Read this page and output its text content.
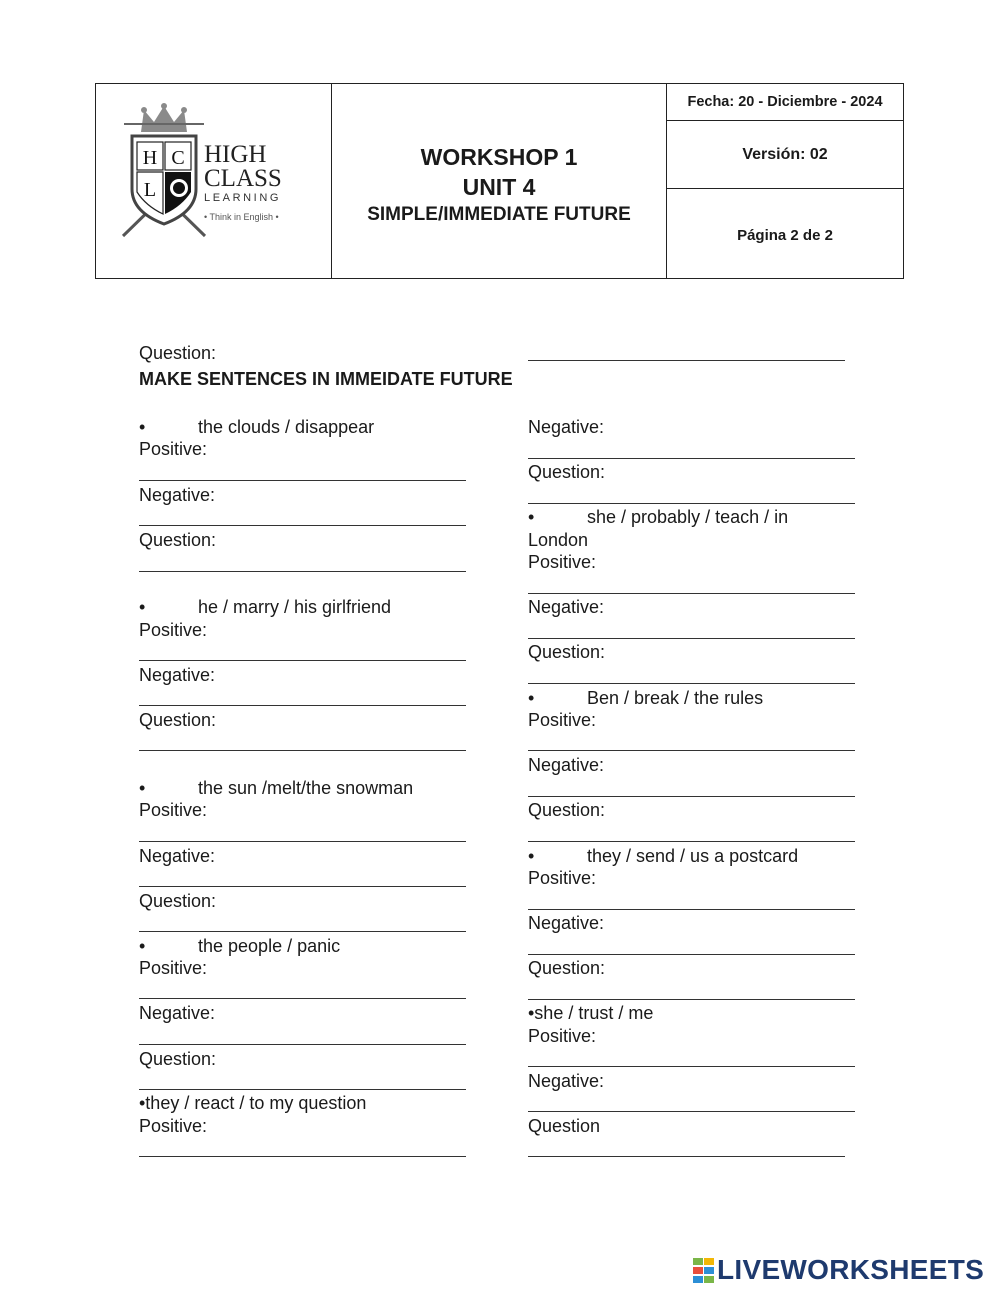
H C
L
HIGH
CLASS
LEARNING
• Think in English •
WORKSHOP 1
UNIT 4
SIMPLE/IMMEDIATE FUTURE
Fecha: 20 - Diciembre - 2024
Versión: 02
Página 2 de 2
Question:
MAKE SENTENCES IN IMMEIDATE FUTURE
•	the clouds / disappear
Positive:
Negative:
Question:
•	he / marry / his girlfriend
Positive:
Negative:
Question:
•	the sun /melt/the snowman
Positive:
Negative:
Question:
•	the people / panic
Positive:
Negative:
Question:
•they / react / to my question
Positive:
Negative:
Question:
•	she / probably / teach / in
London
Positive:
Negative:
Question:
•	Ben / break / the rules
Positive:
Negative:
Question:
•	they / send / us a postcard
Positive:
Negative:
Question:
•she / trust / me
Positive:
Negative:
Question
LIVEWORKSHEETS
